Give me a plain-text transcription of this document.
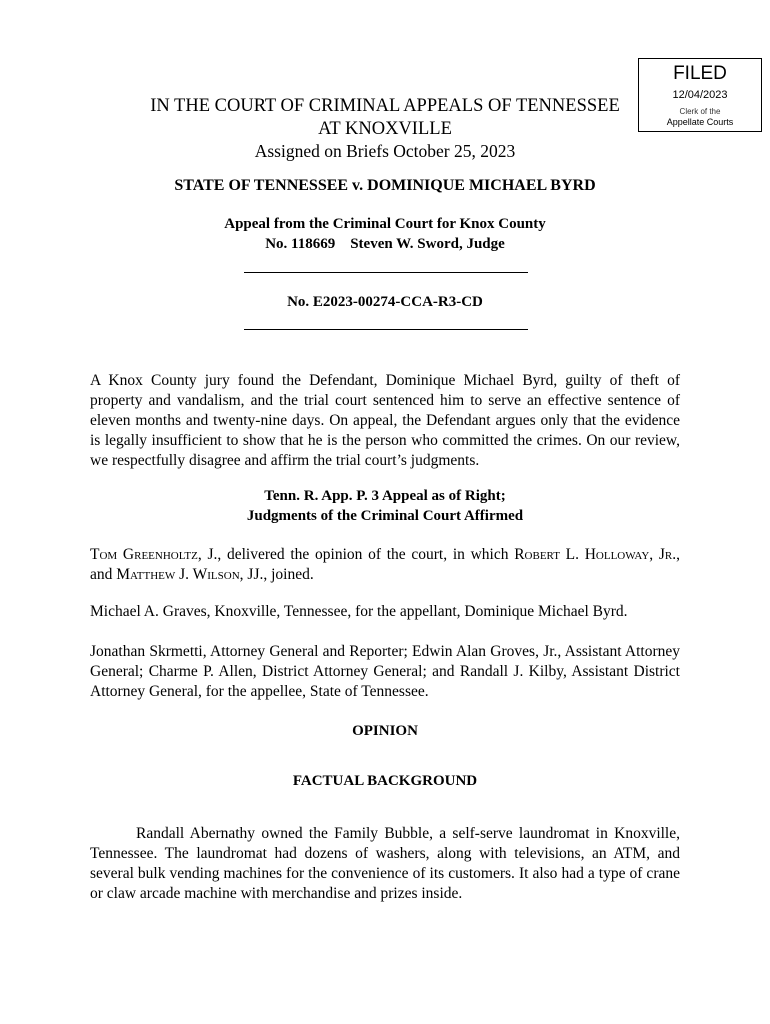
FILED
12/04/2023
Clerk of the
Appellate Courts
IN THE COURT OF CRIMINAL APPEALS OF TENNESSEE
AT KNOXVILLE
Assigned on Briefs October 25, 2023
STATE OF TENNESSEE v. DOMINIQUE MICHAEL BYRD
Appeal from the Criminal Court for Knox County
No. 118669    Steven W. Sword, Judge
No. E2023-00274-CCA-R3-CD
A Knox County jury found the Defendant, Dominique Michael Byrd, guilty of theft of property and vandalism, and the trial court sentenced him to serve an effective sentence of eleven months and twenty-nine days. On appeal, the Defendant argues only that the evidence is legally insufficient to show that he is the person who committed the crimes. On our review, we respectfully disagree and affirm the trial court’s judgments.
Tenn. R. App. P. 3 Appeal as of Right;
Judgments of the Criminal Court Affirmed
Tom Greenholtz, J., delivered the opinion of the court, in which Robert L. Holloway, Jr., and Matthew J. Wilson, JJ., joined.
Michael A. Graves, Knoxville, Tennessee, for the appellant, Dominique Michael Byrd.
Jonathan Skrmetti, Attorney General and Reporter; Edwin Alan Groves, Jr., Assistant Attorney General; Charme P. Allen, District Attorney General; and Randall J. Kilby, Assistant District Attorney General, for the appellee, State of Tennessee.
OPINION
FACTUAL BACKGROUND
Randall Abernathy owned the Family Bubble, a self-serve laundromat in Knoxville, Tennessee. The laundromat had dozens of washers, along with televisions, an ATM, and several bulk vending machines for the convenience of its customers. It also had a type of crane or claw arcade machine with merchandise and prizes inside.
